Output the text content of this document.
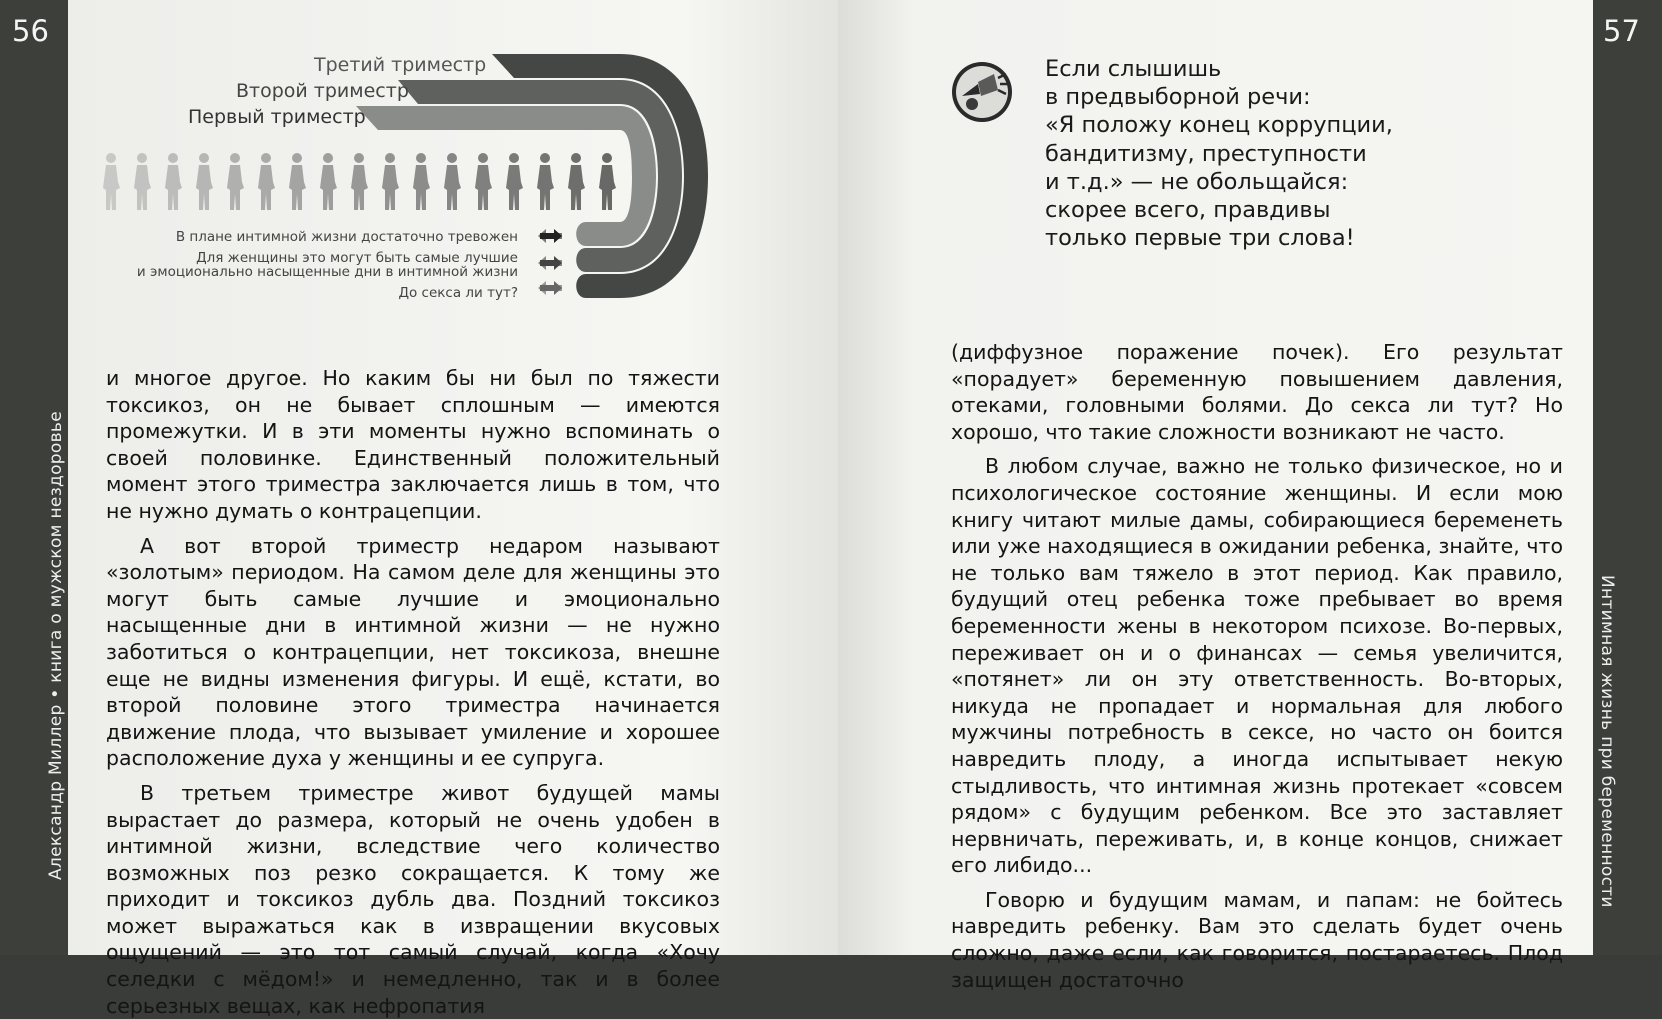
56
Александр Миллер • книга о мужском нездоровье
57
Интимная жизнь при беременности
Третий триместр
Второй триместр
Первый триместр
В плане интимной жизни достаточно тревожен
Для женщины это могут быть самые лучшие
и эмоционально насыщенные дни в интимной жизни
До секса ли тут?
Если слышишь
в предвыборной речи:
«Я положу конец коррупции,
бандитизму, преступности
и т.д.» — не обольщайся:
скорее всего, правдивы
только первые три слова!

и многое другое. Но каким бы ни был по тяжести токсикоз, он не бывает сплошным — имеются промежутки. И в эти моменты нужно вспоминать о своей половинке. Единственный положительный момент этого триместра заключается лишь в том, что не нужно думать о контрацепции.

А вот второй триместр недаром называют «золотым» периодом. На самом деле для женщины это могут быть самые лучшие и эмоционально насыщенные дни в интимной жизни — не нужно заботиться о контрацепции, нет токсикоза, внешне еще не видны изменения фигуры. И ещё, кстати, во второй половине этого триместра начинается движение плода, что вызывает умиление и хорошее расположение духа у женщины и ее супруга.

В третьем триместре живот будущей мамы вырастает до размера, который не очень удобен в интимной жизни, вследствие чего количество возможных поз резко сокращается. К тому же приходит и токсикоз дубль два. Поздний токсикоз может выражаться как в извращении вкусовых ощущений — это тот самый случай, когда «Хочу селедки с мёдом!» и немедленно, так и в более серьезных вещах, как нефропатия

(диффузное поражение почек). Его результат «порадует» беременную повышением давления, отеками, головными болями. До секса ли тут? Но хорошо, что такие сложности возникают не часто.

В любом случае, важно не только физическое, но и психологическое состояние женщины. И если мою книгу читают милые дамы, собирающиеся беременеть или уже находящиеся в ожидании ребенка, знайте, что не только вам тяжело в этот период. Как правило, будущий отец ребенка тоже пребывает во время беременности жены в некотором психозе. Во-первых, переживает он и о финансах — семья увеличится, «потянет» ли он эту ответственность. Во-вторых, никуда не пропадает и нормальная для любого мужчины потребность в сексе, но часто он боится навредить плоду, а иногда испытывает некую стыдливость, что интимная жизнь протекает «совсем рядом» с будущим ребенком. Все это заставляет нервничать, переживать, и, в конце концов, снижает его либидо...

Говорю и будущим мамам, и папам: не бойтесь навредить ребенку. Вам это сделать будет очень сложно, даже если, как говорится, постараетесь. Плод защищен достаточно
